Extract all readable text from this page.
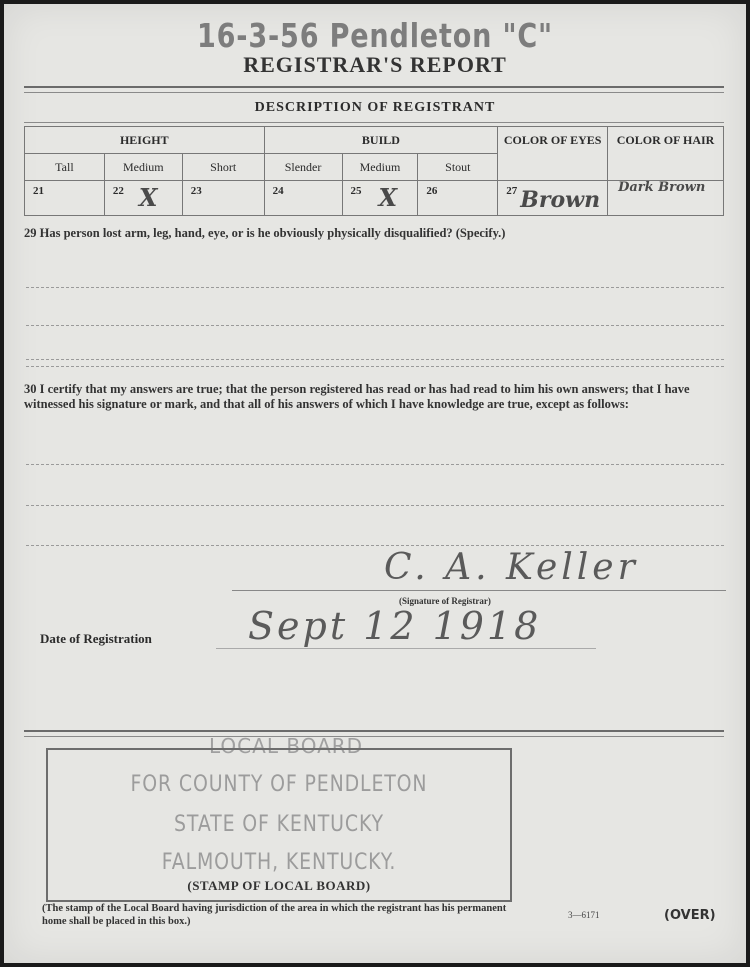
16-3-56 Pendleton "C"
REGISTRAR'S REPORT
DESCRIPTION OF REGISTRANT
HEIGHT			BUILD			COLOR OF EYES	COLOR OF HAIR
Tall	Medium	Short	Slender	Medium	Stout		
21	22 X	23	24	25 X	26	27 Brown	Dark Brown
29 Has person lost arm, leg, hand, eye, or is he obviously physically disqualified? (Specify.)
30 I certify that my answers are true; that the person registered has read or has had read to him his own answers; that I have witnessed his signature or mark, and that all of his answers of which I have knowledge are true, except as follows:
C. A. Keller
(Signature of Registrar)
Date of Registration	Sept 12 1918
LOCAL BOARD
FOR COUNTY OF PENDLETON
STATE OF KENTUCKY
FALMOUTH, KENTUCKY.
(STAMP OF LOCAL BOARD)
(The stamp of the Local Board having jurisdiction of the area in which the registrant has his permanent home shall be placed in this box.)
3—6171	(OVER)
